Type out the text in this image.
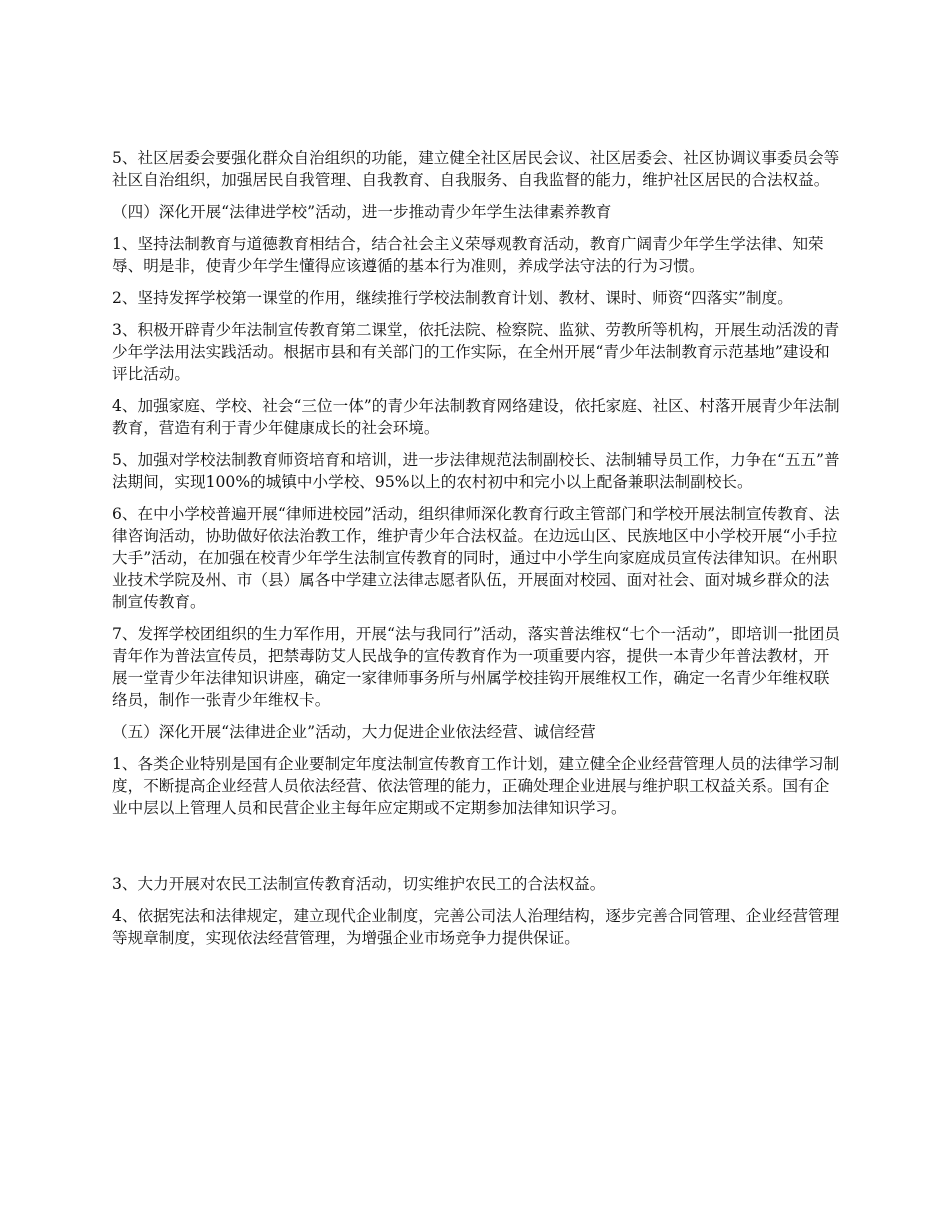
5、社区居委会要强化群众自治组织的功能，建立健全社区居民会议、社区居委会、社区协调议事委员会等社区自治组织，加强居民自我管理、自我教育、自我服务、自我监督的能力，维护社区居民的合法权益。

（四）深化开展“法律进学校”活动，进一步推动青少年学生法律素养教育

1、坚持法制教育与道德教育相结合，结合社会主义荣辱观教育活动，教育广阔青少年学生学法律、知荣辱、明是非，使青少年学生懂得应该遵循的基本行为准则，养成学法守法的行为习惯。

2、坚持发挥学校第一课堂的作用，继续推行学校法制教育计划、教材、课时、师资“四落实”制度。

3、积极开辟青少年法制宣传教育第二课堂，依托法院、检察院、监狱、劳教所等机构，开展生动活泼的青少年学法用法实践活动。根据市县和有关部门的工作实际，在全州开展“青少年法制教育示范基地”建设和评比活动。

4、加强家庭、学校、社会“三位一体”的青少年法制教育网络建设，依托家庭、社区、村落开展青少年法制教育，营造有利于青少年健康成长的社会环境。

5、加强对学校法制教育师资培育和培训，进一步法律规范法制副校长、法制辅导员工作，力争在“五五”普法期间，实现100%的城镇中小学校、95%以上的农村初中和完小以上配备兼职法制副校长。

6、在中小学校普遍开展“律师进校园”活动，组织律师深化教育行政主管部门和学校开展法制宣传教育、法律咨询活动，协助做好依法治教工作，维护青少年合法权益。在边远山区、民族地区中小学校开展“小手拉大手”活动，在加强在校青少年学生法制宣传教育的同时，通过中小学生向家庭成员宣传法律知识。在州职业技术学院及州、市（县）属各中学建立法律志愿者队伍，开展面对校园、面对社会、面对城乡群众的法制宣传教育。

7、发挥学校团组织的生力军作用，开展“法与我同行”活动，落实普法维权“七个一活动”，即培训一批团员青年作为普法宣传员，把禁毒防艾人民战争的宣传教育作为一项重要内容，提供一本青少年普法教材，开展一堂青少年法律知识讲座，确定一家律师事务所与州属学校挂钩开展维权工作，确定一名青少年维权联络员，制作一张青少年维权卡。

（五）深化开展“法律进企业”活动，大力促进企业依法经营、诚信经营

1、各类企业特别是国有企业要制定年度法制宣传教育工作计划，建立健全企业经营管理人员的法律学习制度，不断提高企业经营人员依法经营、依法管理的能力，正确处理企业进展与维护职工权益关系。国有企业中层以上管理人员和民营企业主每年应定期或不定期参加法律知识学习。

3、大力开展对农民工法制宣传教育活动，切实维护农民工的合法权益。

4、依据宪法和法律规定，建立现代企业制度，完善公司法人治理结构，逐步完善合同管理、企业经营管理等规章制度，实现依法经营管理，为增强企业市场竞争力提供保证。
